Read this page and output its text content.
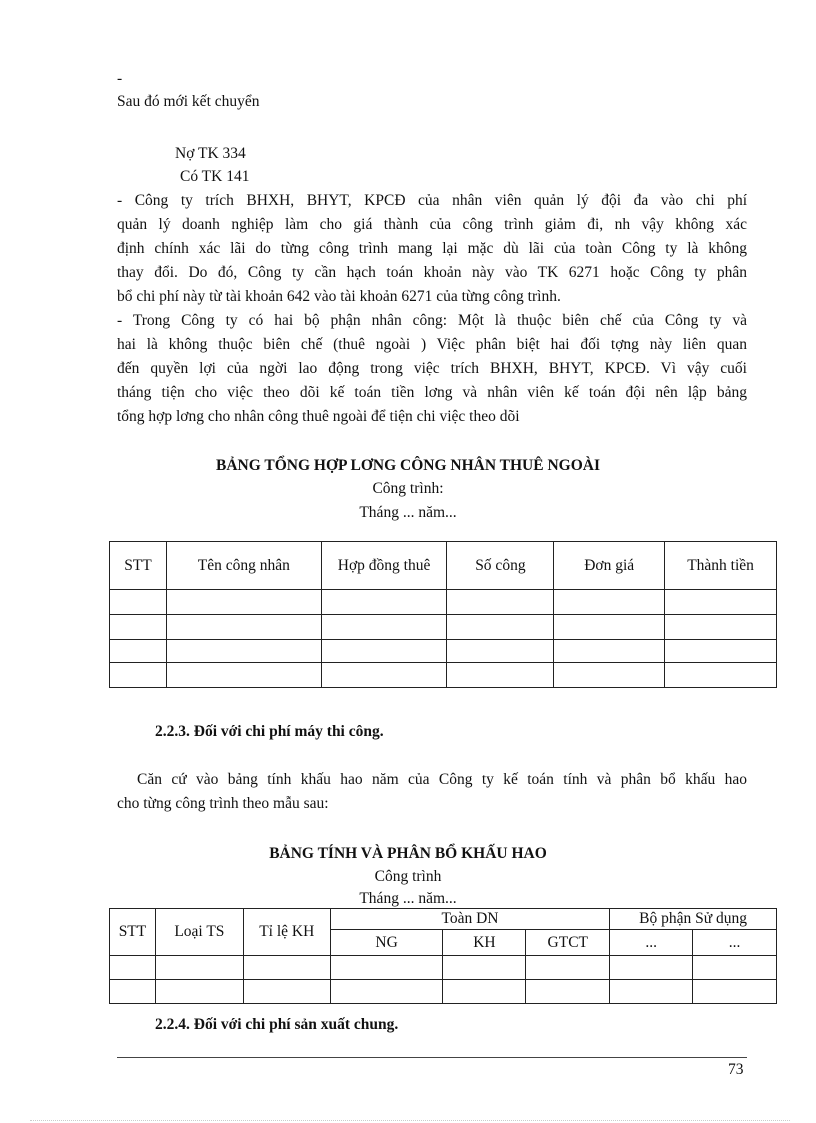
-
Sau đó mới kết chuyển
Nợ TK 334
Có TK 141
- Công ty trích BHXH, BHYT, KPCĐ của nhân viên quản lý đội đa vào chi phí
quản lý doanh nghiệp làm cho giá thành của công trình giảm đi, nh vậy không xác
định chính xác lãi do từng công trình mang lại mặc dù lãi của toàn Công ty là không
thay đổi. Do đó, Công ty cần hạch toán khoản này vào TK 6271 hoặc Công ty phân
bổ chi phí này từ tài khoản 642 vào tài khoản 6271 của từng công trình.
- Trong Công ty có hai bộ phận nhân công: Một là thuộc biên chế của Công ty và
hai là không thuộc biên chế (thuê ngoài ) Việc phân biệt hai đối tợng này liên quan
đến quyền lợi của ngời lao động trong việc trích BHXH, BHYT, KPCĐ. Vì vậy cuối
tháng tiện cho việc theo dõi kế toán tiền lơng và nhân viên kế toán đội nên lập bảng
tổng hợp lơng cho nhân công thuê ngoài để tiện chi việc theo dõi
BẢNG TỔNG HỢP LƠNG CÔNG NHÂN THUÊ NGOÀI
Công trình:
Tháng ... năm...
STT	Tên công nhân	Hợp đồng thuê	Số công	Đơn giá	Thành tiền

2.2.3. Đối với chi phí máy thi công.
Căn cứ vào bảng tính khấu hao năm của Công ty kế toán tính và phân bổ khấu hao
cho từng công trình theo mẫu sau:
BẢNG TÍNH VÀ PHÂN BỔ KHẤU HAO
Công trình
Tháng ... năm...
STT	Loại TS	Tỉ lệ KH	Toàn DN			Bộ phận Sử dụng	
			NG	KH	GTCT	...	...

2.2.4. Đối với chi phí sản xuất chung.
73
